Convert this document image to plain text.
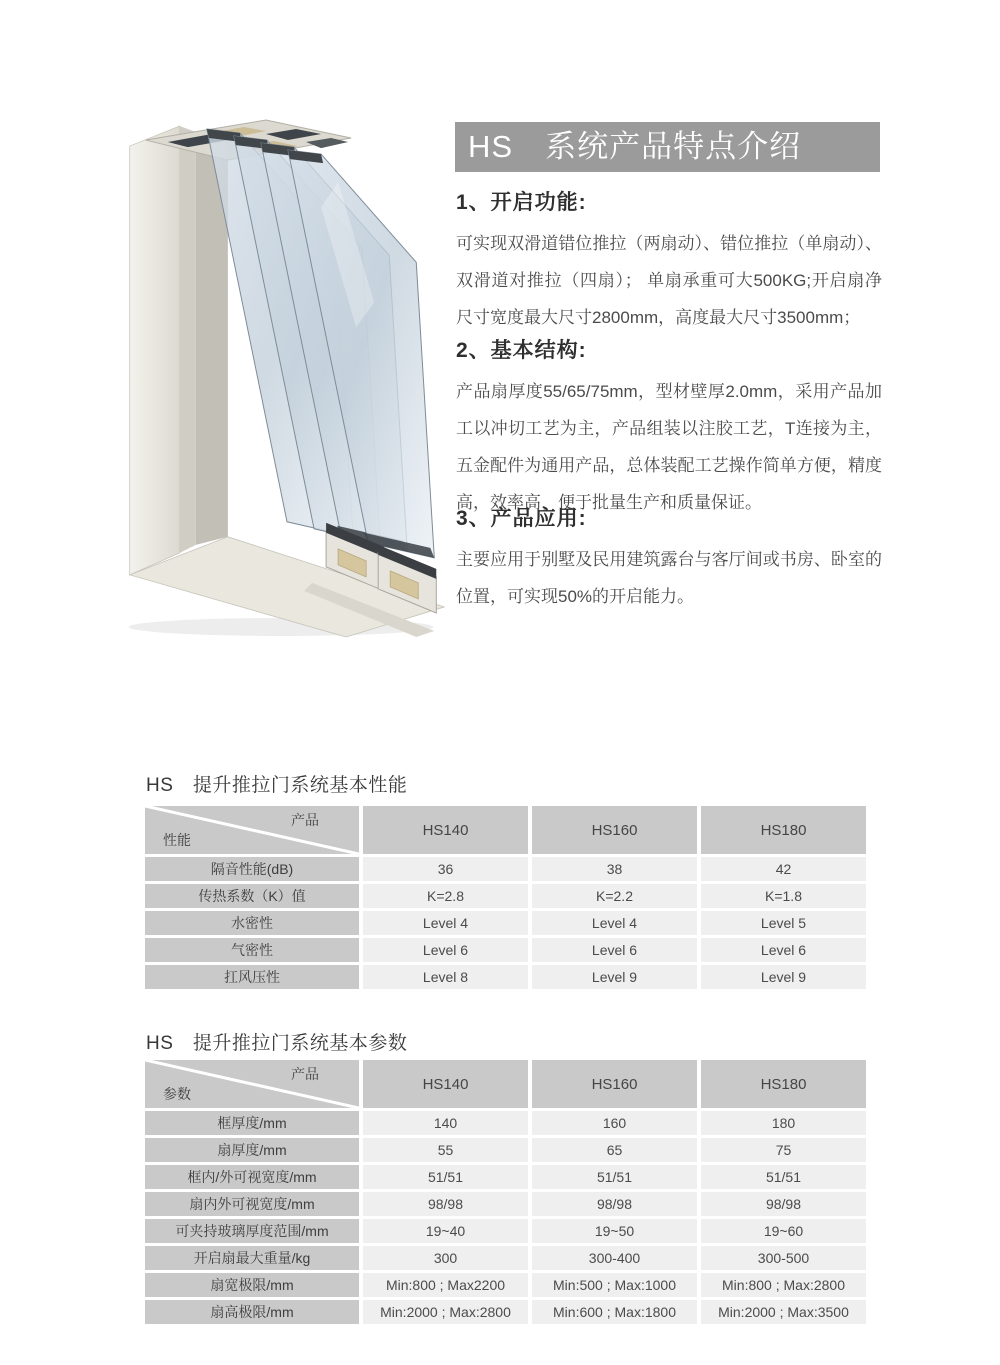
HS　系统产品特点介绍
1、开启功能:

可实现双滑道错位推拉（两扇动）、错位推拉（单扇动）、双滑道对推拉（四扇）； 单扇承重可大500KG;开启扇净尺寸宽度最大尺寸2800mm，高度最大尺寸3500mm；

2、基本结构:

产品扇厚度55/65/75mm，型材壁厚2.0mm，采用产品加工以冲切工艺为主，产品组装以注胶工艺，T连接为主，五金配件为通用产品，总体装配工艺操作简单方便，精度高，效率高，便于批量生产和质量保证。

3、产品应用:

主要应用于别墅及民用建筑露台与客厅间或书房、卧室的位置，可实现50%的开启能力。

HS　提升推拉门系统基本性能
产品
性能
HS140	HS160	HS180
隔音性能(dB)	36	38	42
传热系数（K）值	K=2.8	K=2.2	K=1.8
水密性	Level 4	Level 4	Level 5
气密性	Level 6	Level 6	Level 6
扛风压性	Level 8	Level 9	Level 9
HS　提升推拉门系统基本参数
产品
参数
HS140	HS160	HS180
框厚度/mm	140	160	180
扇厚度/mm	55	65	75
框内/外可视宽度/mm	51/51	51/51	51/51
扇内外可视宽度/mm	98/98	98/98	98/98
可夹持玻璃厚度范围/mm	19~40	19~50	19~60
开启扇最大重量/kg	300	300-400	300-500
扇宽极限/mm	Min:800 ; Max2200	Min:500 ; Max:1000	Min:800 ; Max:2800
扇高极限/mm	Min:2000 ; Max:2800	Min:600 ; Max:1800	Min:2000 ; Max:3500
